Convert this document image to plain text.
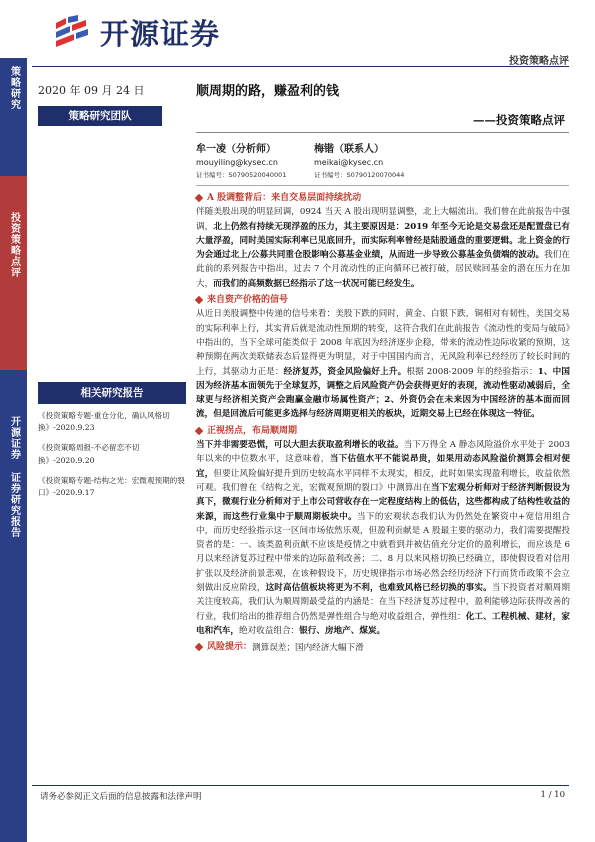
开源证券
投资策略点评
策略研究
投资策略点评
开源证券 证券研究报告
2020 年 09 月 24 日
策略研究团队
顺周期的路，赚盈利的钱
——投资策略点评
牟一凌（分析师）
mouyiling@kysec.cn
证书编号：S0790520040001
梅锴（联系人）
meikai@kysec.cn
证书编号：S0790120070044
相关研究报告
《投资策略专题-重仓分化，确认风格切换》-2020.9.23
《投资策略周报-不必留恋不切换》-2020.9.20
《投资策略专题-结构之光：宏微观预期的裂口》-2020.9.17
A 股调整背后：来自交易层面持续扰动
伴随美股出现的明显回调，0924 当天 A 股出现明显调整，北上大幅流出。我们曾在此前报告中强调，北上仍然有持续无现浮盈的压力，其主要原因是：2019 年至今无论是交易盘还是配置盘已有大量浮盈，同时美国实际利率已见底回升，而实际利率曾经是陆股通盘的重要逻辑。北上资金的行为会通过北上/公募共同重仓股影响公募基金业绩，从而进一步导致公募基金负债端的波动。我们在此前的系列报告中指出，过去 7 个月流动性的正向循环已被打破，居民赎回基金的潜在压力在加大，而我们的高频数据已经指示了这一状况可能已经发生。
来自资产价格的信号
从近日美股调整中传递的信号来看：美股下跌的同时，黄金、白银下跌，铜相对有韧性，美国交易的实际利率上行，其实背后就是流动性预期的转变，这符合我们在此前报告《流动性的变局与破局》中指出的，当下全球可能类似于 2008 年底因为经济逐步企稳，带来的流动性边际收紧的预期，这种预期在两次美联储表态后显得更为明显，对于中国国内而言，无风险利率已经经历了较长时间的上行，其驱动力正是：经济复苏，资金风险偏好上升。根据 2008-2009 年的经验指示：1、中国因为经济基本面领先于全球复苏，调整之后风险资产仍会获得更好的表现，流动性驱动减弱后，全球更与经济相关资产会跑赢金融市场属性资产；2、外资仍会在未来因为中国经济的基本面而回流，但是回流后可能更多选择与经济周期更相关的板块，近期交易上已经在体现这一特征。
正视拐点，布局顺周期
当下并非需要恐慌，可以大胆去获取盈利增长的收益。当下万得全 A 静态风险溢价水平处于 2003 年以来的中位数水平，这意味着，当下估值水平不能说昂贵，如果用动态风险溢价测算会相对便宜，但要让风险偏好提升到历史较高水平同样不太现实，相反，此时如果实现盈利增长，收益依然可观。我们曾在《结构之光，宏微观预期的裂口》中测算出在当下宏观分析师对于经济判断假设为真下，微观行业分析师对于上市公司营收存在一定程度结构上的低估，这些都构成了结构性收益的来源，而这些行业集中于顺周期板块中。当下的宏观状态我们认为仍然处在繁资中+宽信用组合中，而历史经验指示这一区间市场依然乐观，但盈利贡献是 A 股最主要的驱动力，我们需要提醒投资者的是：一、该类盈利贡献不应该是疫情之中就看到并被估值充分定价的盈利增长，而应该是 6 月以来经济复苏过程中带来的边际盈利改善；二、8 月以来风格切换已经确立，即使假设看对信用扩张以及经济前景悲观，在该种假设下，历史规律指示市场必然会经历经济下行而货币政策不会立刻做出反应阶段，这时高估值板块将更为不利，也难致风格已经切换的事实。当下投资者对顺周期关注度较高，我们认为顺周期最受益的内涵是：在当下经济复苏过程中，盈利能够边际获得改善的行业，我们给出的推荐组合仍然是弹性组合与绝对收益组合，弹性组：化工、工程机械、建材，家电和汽车，绝对收益组合：银行、房地产、煤炭。
风险提示： 测算误差；国内经济大幅下滑
请务必参阅正文后面的信息披露和法律声明	1 / 10
